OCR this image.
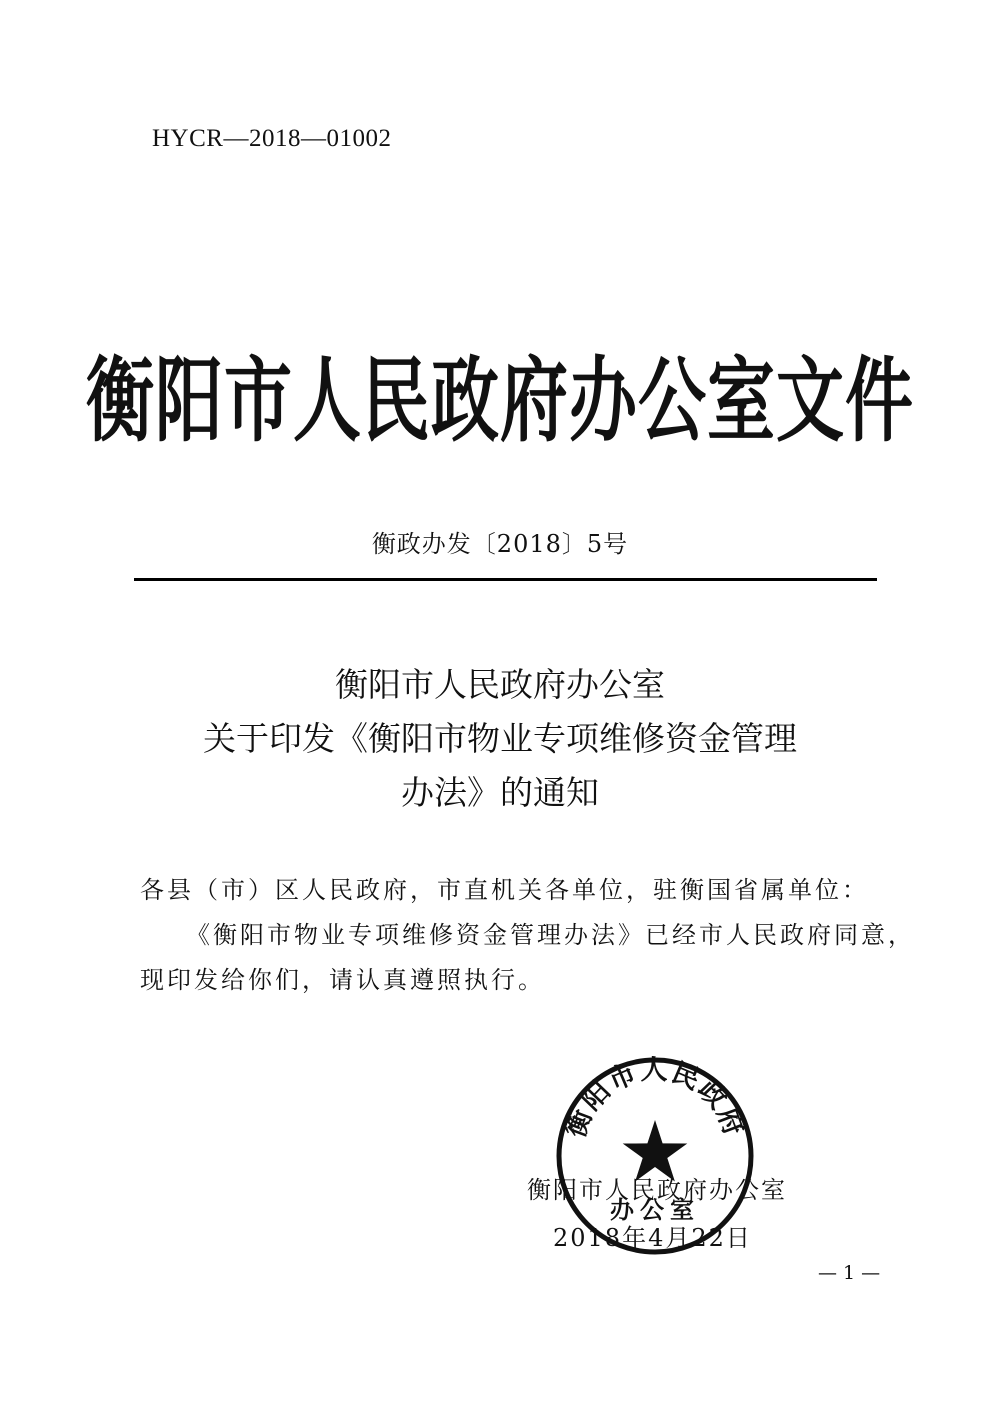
HYCR—2018—01002
衡阳市人民政府办公室文件
衡政办发〔2018〕5号
衡阳市人民政府办公室
关于印发《衡阳市物业专项维修资金管理
办法》的通知
各县（市）区人民政府，市直机关各单位，驻衡国省属单位：
《衡阳市物业专项维修资金管理办法》已经市人民政府同意，
现印发给你们，请认真遵照执行。
衡阳市人民政府
办公室
衡阳市人民政府办公室
2018年4月22日
— 1 —
